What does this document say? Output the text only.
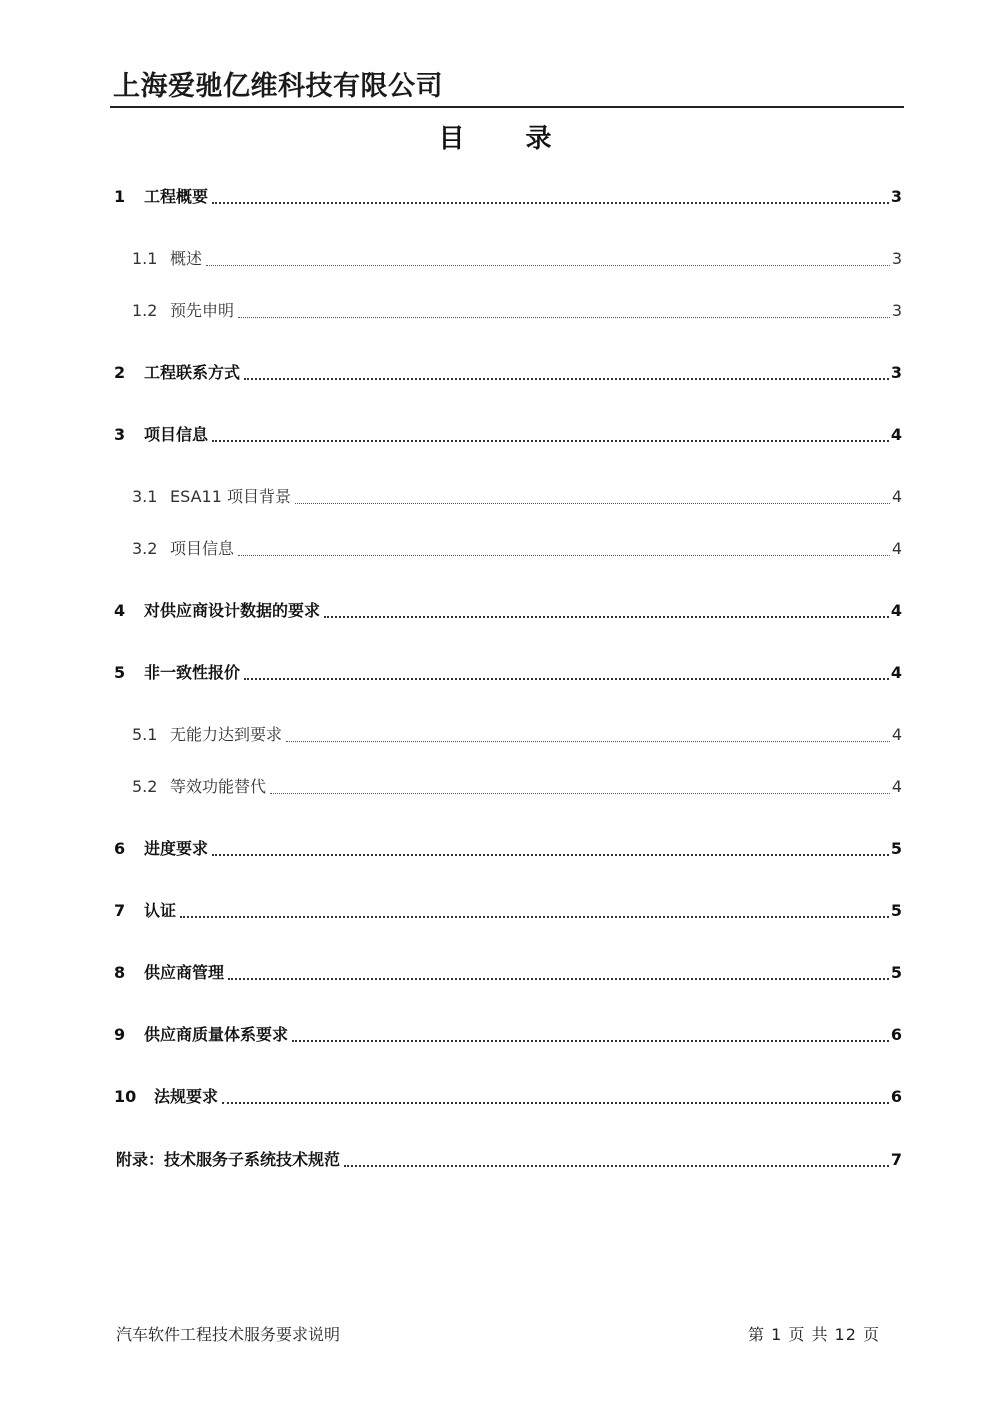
上海爱驰亿维科技有限公司
目 录
1	工程概要	3
1.1 概述	3
1.2 预先申明	3
2	工程联系方式	3
3	项目信息	4
3.1 ESA11 项目背景	4
3.2 项目信息	4
4	对供应商设计数据的要求	4
5	非一致性报价	4
5.1 无能力达到要求	4
5.2 等效功能替代	4
6	进度要求	5
7	认证	5
8	供应商管理	5
9	供应商质量体系要求	6
10	法规要求	6
附录：技术服务子系统技术规范	7
汽车软件工程技术服务要求说明	第 1 页 共 12 页
